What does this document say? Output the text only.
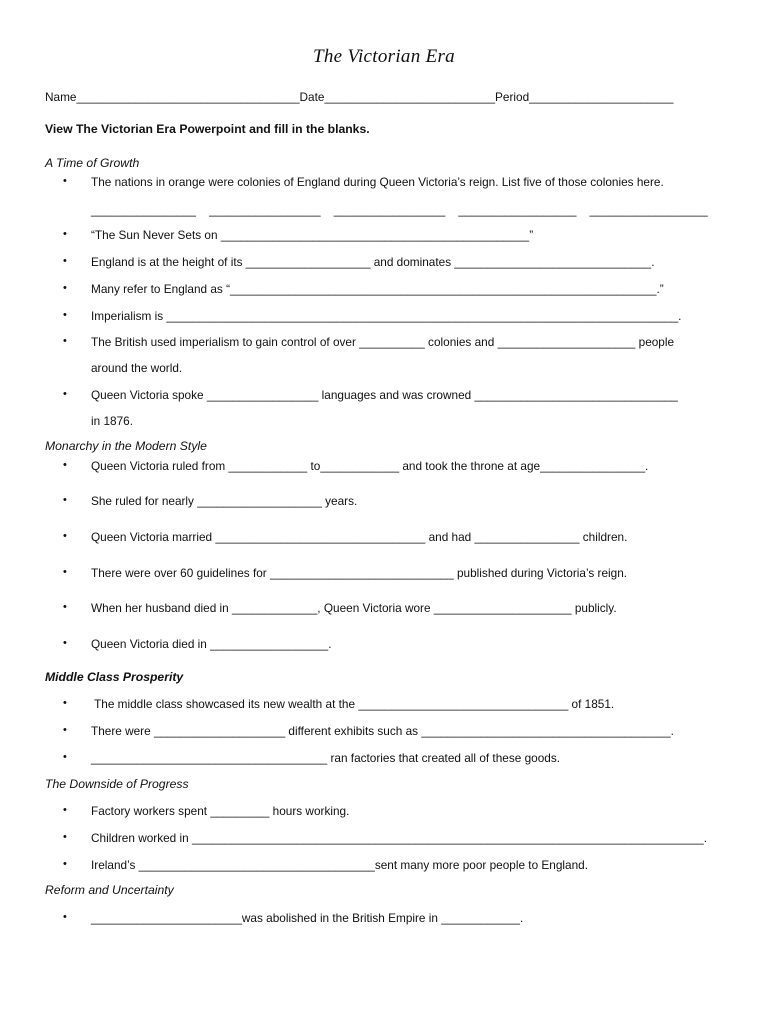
The Victorian Era
Name__________________________________Date__________________________Period______________________
View The Victorian Era Powerpoint and fill in the blanks.
A Time of Growth
• The nations in orange were colonies of England during Queen Victoria’s reign. List five of those colonies here.
________________    _________________    _________________    __________________    __________________
• “The Sun Never Sets on _______________________________________________”
• England is at the height of its ___________________ and dominates ______________________________.
• Many refer to England as “_________________________________________________________________.”
• Imperialism is ______________________________________________________________________________.
• The British used imperialism to gain control of over __________ colonies and _____________________ people
around the world.
• Queen Victoria spoke _________________ languages and was crowned _______________________________
in 1876.
Monarchy in the Modern Style
• Queen Victoria ruled from ____________ to____________ and took the throne at age________________.
• She ruled for nearly ___________________ years.
• Queen Victoria married ________________________________ and had ________________ children.
• There were over 60 guidelines for ____________________________ published during Victoria’s reign.
• When her husband died in _____________, Queen Victoria wore _____________________ publicly.
• Queen Victoria died in __________________.
Middle Class Prosperity
• The middle class showcased its new wealth at the ________________________________ of 1851.
• There were ____________________ different exhibits such as ______________________________________.
• ____________________________________ ran factories that created all of these goods.
The Downside of Progress
• Factory workers spent _________ hours working.
• Children worked in ______________________________________________________________________________.
• Ireland’s ____________________________________sent many more poor people to England.
Reform and Uncertainty
• _______________________was abolished in the British Empire in ____________.
